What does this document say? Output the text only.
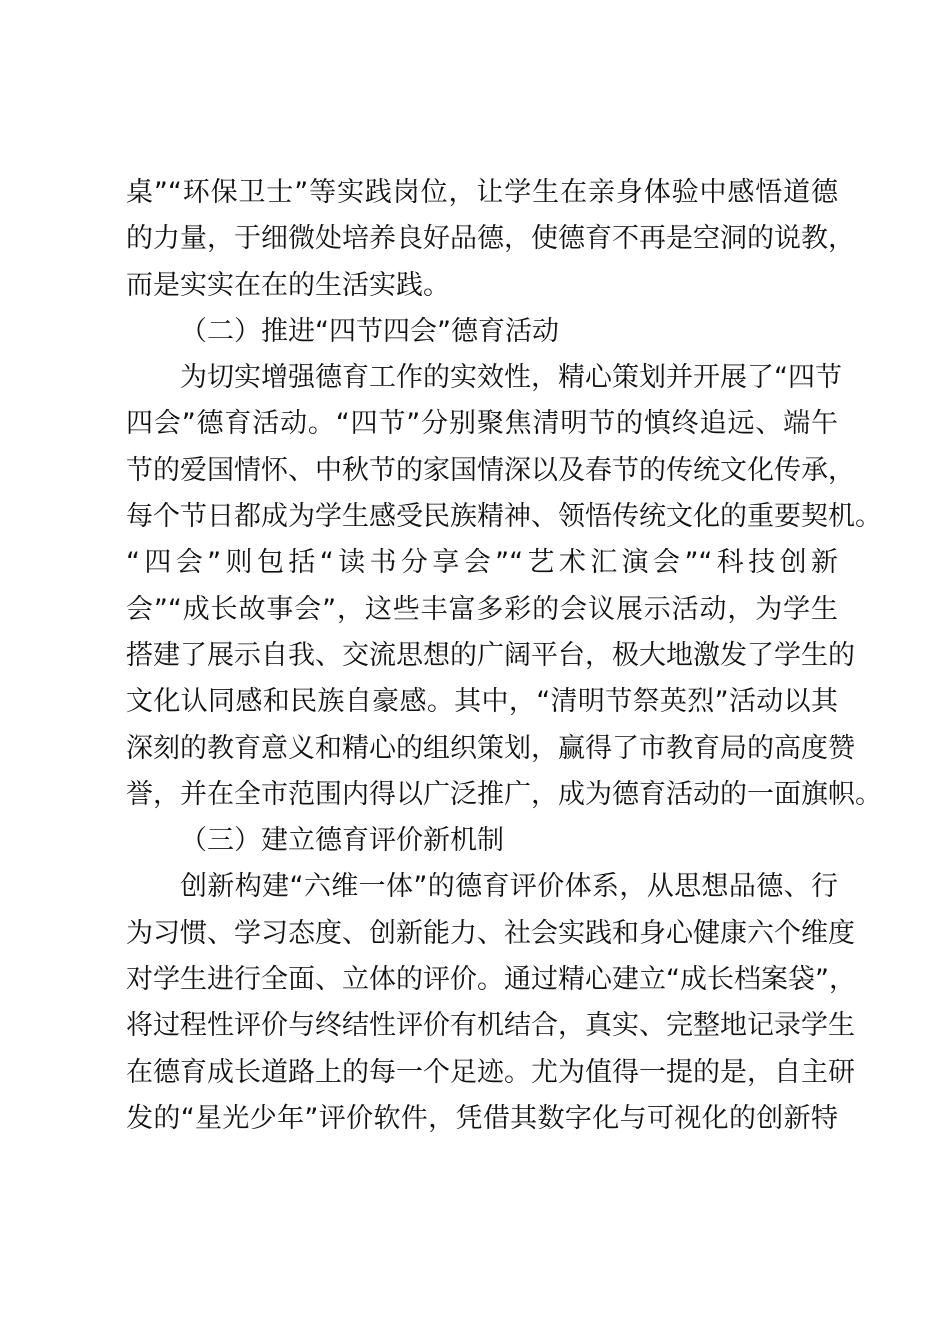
桌”“环保卫士”等实践岗位，让学生在亲身体验中感悟道德
的力量，于细微处培养良好品德，使德育不再是空洞的说教，
而是实实在在的生活实践。
（二）推进“四节四会”德育活动
为切实增强德育工作的实效性，精心策划并开展了“四节
四会”德育活动。“四节”分别聚焦清明节的慎终追远、端午
节的爱国情怀、中秋节的家国情深以及春节的传统文化传承，
每个节日都成为学生感受民族精神、领悟传统文化的重要契机。
“四会”则包括“读书分享会”“艺术汇演会”“科技创新
会”“成长故事会”，这些丰富多彩的会议展示活动，为学生
搭建了展示自我、交流思想的广阔平台，极大地激发了学生的
文化认同感和民族自豪感。其中，“清明节祭英烈”活动以其
深刻的教育意义和精心的组织策划，赢得了市教育局的高度赞
誉，并在全市范围内得以广泛推广，成为德育活动的一面旗帜。
（三）建立德育评价新机制
创新构建“六维一体”的德育评价体系，从思想品德、行
为习惯、学习态度、创新能力、社会实践和身心健康六个维度
对学生进行全面、立体的评价。通过精心建立“成长档案袋”，
将过程性评价与终结性评价有机结合，真实、完整地记录学生
在德育成长道路上的每一个足迹。尤为值得一提的是，自主研
发的“星光少年”评价软件，凭借其数字化与可视化的创新特
